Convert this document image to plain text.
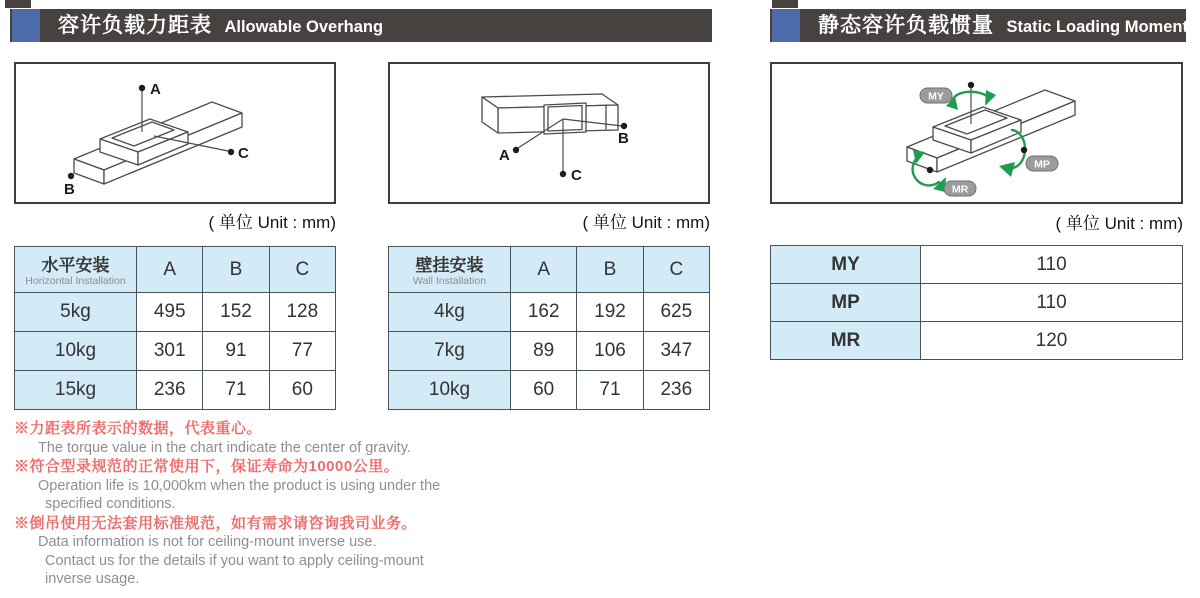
容许负载力距表 Allowable Overhang	静态容许负载惯量 Static Loading Moment
A
C
B
( 单位 Unit : mm)
A
B
C
( 单位 Unit : mm)
MY
MP
MR
( 单位 Unit : mm)
水平安装
Horizontal Installation	A	B	C
5kg	495	152	128
10kg	301	91	77
15kg	236	71	60
壁挂安装
Wall Installation	A	B	C
4kg	162	192	625
7kg	89	106	347
10kg	60	71	236
MY	110
MP	110
MR	120
※力距表所表示的数据，代表重心。
The torque value in the chart indicate the center of gravity.
※符合型录规范的正常使用下，保证寿命为10000公里。
Operation life is 10,000km when the product is using under the
specified conditions.
※倒吊使用无法套用标准规范，如有需求请咨询我司业务。
Data information is not for ceiling-mount inverse use.
Contact us for the details if you want to apply ceiling-mount
inverse usage.
